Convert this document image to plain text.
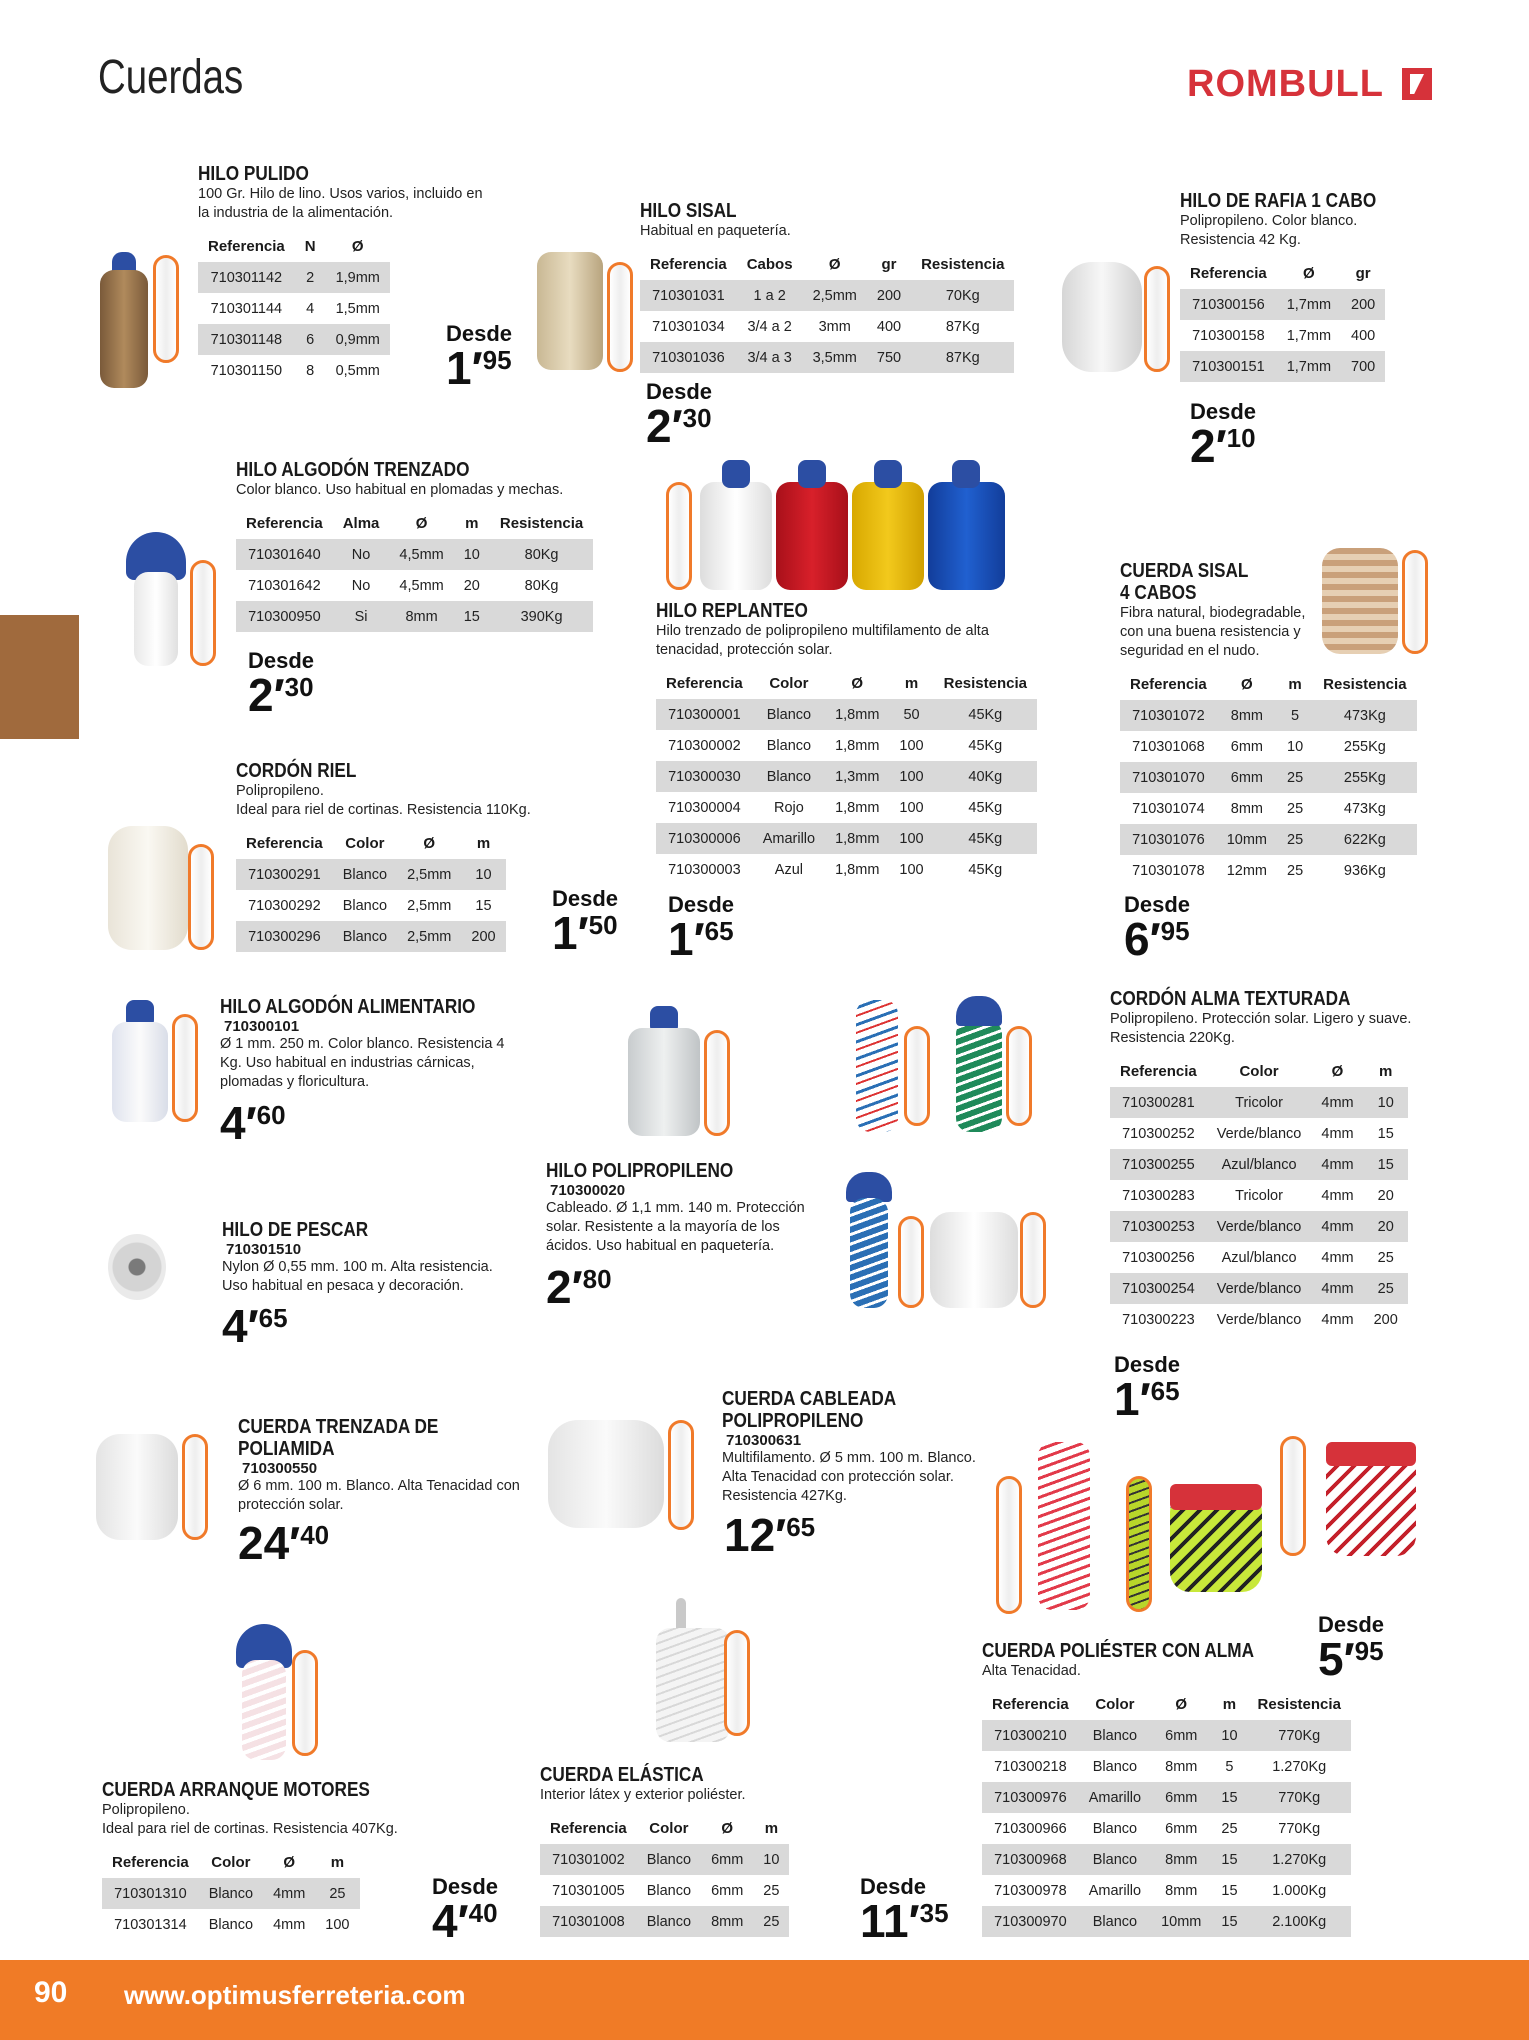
Cuerdas	ROMBULL
HILO PULIDO
100 Gr. Hilo de lino. Usos varios, incluido en la industria de la alimentación.
Referencia	N	Ø
710301142	2	1,9mm
710301144	4	1,5mm
710301148	6	0,9mm
710301150	8	0,5mm
Desde
1′95
HILO SISAL
Habitual en paquetería.
Referencia	Cabos	Ø	gr	Resistencia
710301031	1 a 2	2,5mm	200	70Kg
710301034	3/4 a 2	3mm	400	87Kg
710301036	3/4 a 3	3,5mm	750	87Kg
Desde
2′30
HILO DE RAFIA 1 CABO
Polipropileno. Color blanco. Resistencia 42 Kg.
Referencia	Ø	gr
710300156	1,7mm	200
710300158	1,7mm	400
710300151	1,7mm	700
Desde
2′10
HILO ALGODÓN TRENZADO
Color blanco. Uso habitual en plomadas y mechas.
Referencia	Alma	Ø	m	Resistencia
710301640	No	4,5mm	10	80Kg
710301642	No	4,5mm	20	80Kg
710300950	Si	8mm	15	390Kg
Desde
2′30
HILO REPLANTEO
Hilo trenzado de polipropileno multifilamento de alta tenacidad, protección solar.
Referencia	Color	Ø	m	Resistencia
710300001	Blanco	1,8mm	50	45Kg
710300002	Blanco	1,8mm	100	45Kg
710300030	Blanco	1,3mm	100	40Kg
710300004	Rojo	1,8mm	100	45Kg
710300006	Amarillo	1,8mm	100	45Kg
710300003	Azul	1,8mm	100	45Kg
Desde
1′65
CUERDA SISAL
4 CABOS
Fibra natural, biodegradable, con una buena resistencia y seguridad en el nudo.
Referencia	Ø	m	Resistencia
710301072	8mm	5	473Kg
710301068	6mm	10	255Kg
710301070	6mm	25	255Kg
710301074	8mm	25	473Kg
710301076	10mm	25	622Kg
710301078	12mm	25	936Kg
Desde
6′95
CORDÓN RIEL
Polipropileno.
Ideal para riel de cortinas. Resistencia 110Kg.
Referencia	Color	Ø	m
710300291	Blanco	2,5mm	10
710300292	Blanco	2,5mm	15
710300296	Blanco	2,5mm	200
Desde
1′50
HILO ALGODÓN ALIMENTARIO
710300101
Ø 1 mm. 250 m. Color blanco. Resistencia 4 Kg. Uso habitual en industrias cárnicas, plomadas y floricultura.
4′60
HILO POLIPROPILENO
710300020
Cableado. Ø 1,1 mm. 140 m. Protección solar. Resistente a la mayoría de los ácidos. Uso habitual en paquetería.
2′80
CORDÓN ALMA TEXTURADA
Polipropileno. Protección solar. Ligero y suave. Resistencia 220Kg.
Referencia	Color	Ø	m
710300281	Tricolor	4mm	10
710300252	Verde/blanco	4mm	15
710300255	Azul/blanco	4mm	15
710300283	Tricolor	4mm	20
710300253	Verde/blanco	4mm	20
710300256	Azul/blanco	4mm	25
710300254	Verde/blanco	4mm	25
710300223	Verde/blanco	4mm	200
Desde
1′65
HILO DE PESCAR
710301510
Nylon Ø 0,55 mm. 100 m. Alta resistencia. Uso habitual en pesaca y decoración.
4′65
CUERDA TRENZADA DE
POLIAMIDA
710300550
Ø 6 mm. 100 m. Blanco. Alta Tenacidad con protección solar.
24′40
CUERDA CABLEADA
POLIPROPILENO
710300631
Multifilamento. Ø 5 mm. 100 m. Blanco. Alta Tenacidad con protección solar. Resistencia 427Kg.
12′65
CUERDA POLIÉSTER CON ALMA
Alta Tenacidad.
Referencia	Color	Ø	m	Resistencia
710300210	Blanco	6mm	10	770Kg
710300218	Blanco	8mm	5	1.270Kg
710300976	Amarillo	6mm	15	770Kg
710300966	Blanco	6mm	25	770Kg
710300968	Blanco	8mm	15	1.270Kg
710300978	Amarillo	8mm	15	1.000Kg
710300970	Blanco	10mm	15	2.100Kg
Desde
5′95
CUERDA ARRANQUE MOTORES
Polipropileno.
Ideal para riel de cortinas. Resistencia 407Kg.
Referencia	Color	Ø	m
710301310	Blanco	4mm	25
710301314	Blanco	4mm	100
Desde
4′40
CUERDA ELÁSTICA
Interior látex y exterior poliéster.
Referencia	Color	Ø	m
710301002	Blanco	6mm	10
710301005	Blanco	6mm	25
710301008	Blanco	8mm	25
Desde
11′35
90 www.optimusferreteria.com
